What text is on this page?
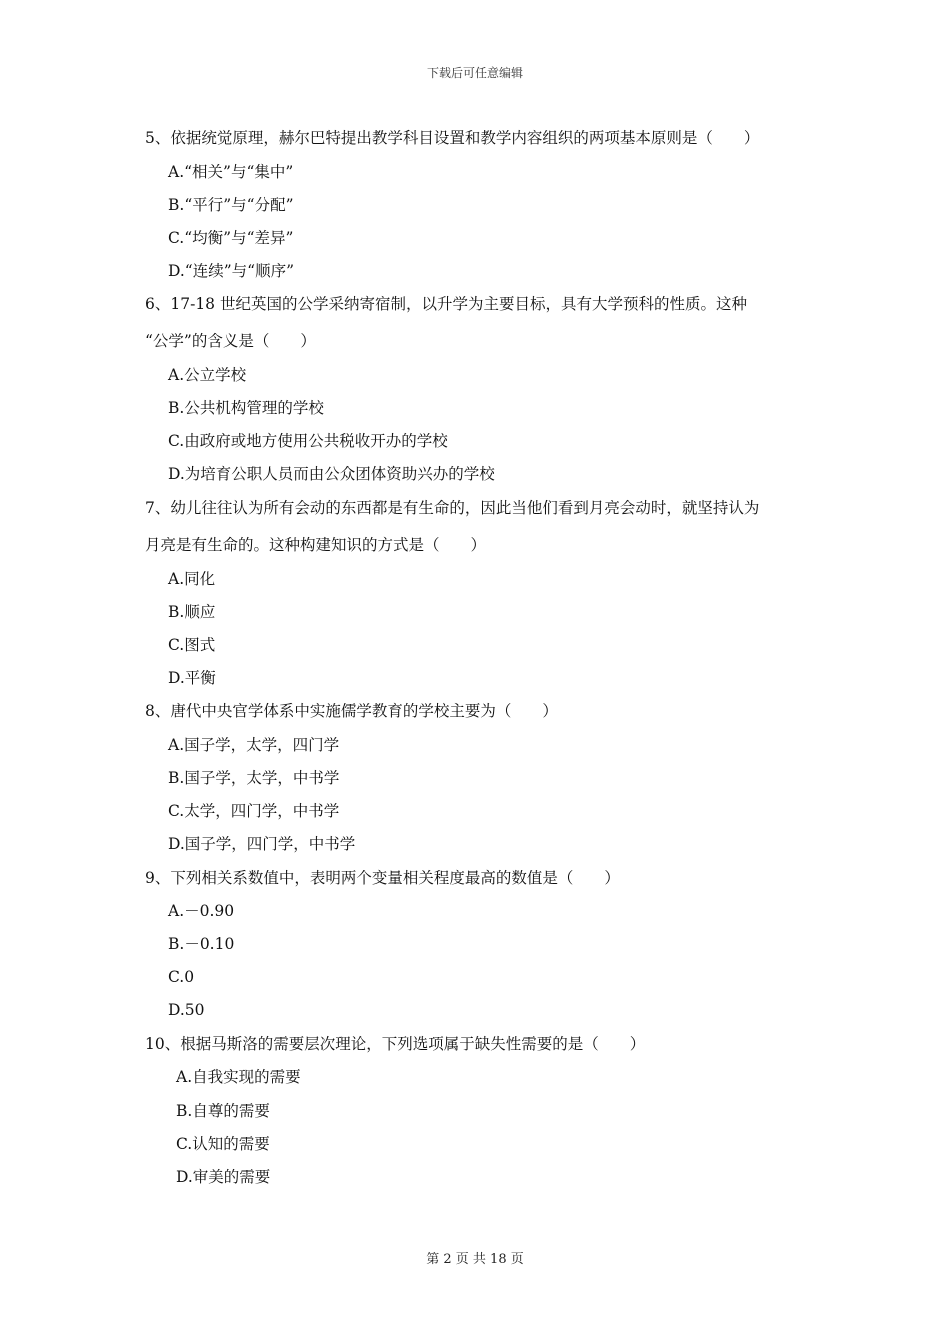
下载后可任意编辑
5、依据统觉原理，赫尔巴特提出教学科目设置和教学内容组织的两项基本原则是（　　）
A.“相关”与“集中”
B.“平行”与“分配”
C.“均衡”与“差异”
D.“连续”与“顺序”
6、17-18 世纪英国的公学采纳寄宿制，以升学为主要目标，具有大学预科的性质。这种
“公学”的含义是（　　）
A.公立学校
B.公共机构管理的学校
C.由政府或地方使用公共税收开办的学校
D.为培育公职人员而由公众团体资助兴办的学校
7、幼儿往往认为所有会动的东西都是有生命的，因此当他们看到月亮会动时，就坚持认为
月亮是有生命的。这种构建知识的方式是（　　）
A.同化
B.顺应
C.图式
D.平衡
8、唐代中央官学体系中实施儒学教育的学校主要为（　　）
A.国子学，太学，四门学
B.国子学，太学，中书学
C.太学，四门学，中书学
D.国子学，四门学，中书学
9、下列相关系数值中，表明两个变量相关程度最高的数值是（　　）
A.－0.90
B.－0.10
C.0
D.50
10、根据马斯洛的需要层次理论，下列选项属于缺失性需要的是（　　）
A.自我实现的需要
B.自尊的需要
C.认知的需要
D.审美的需要
第 2 页 共 18 页
